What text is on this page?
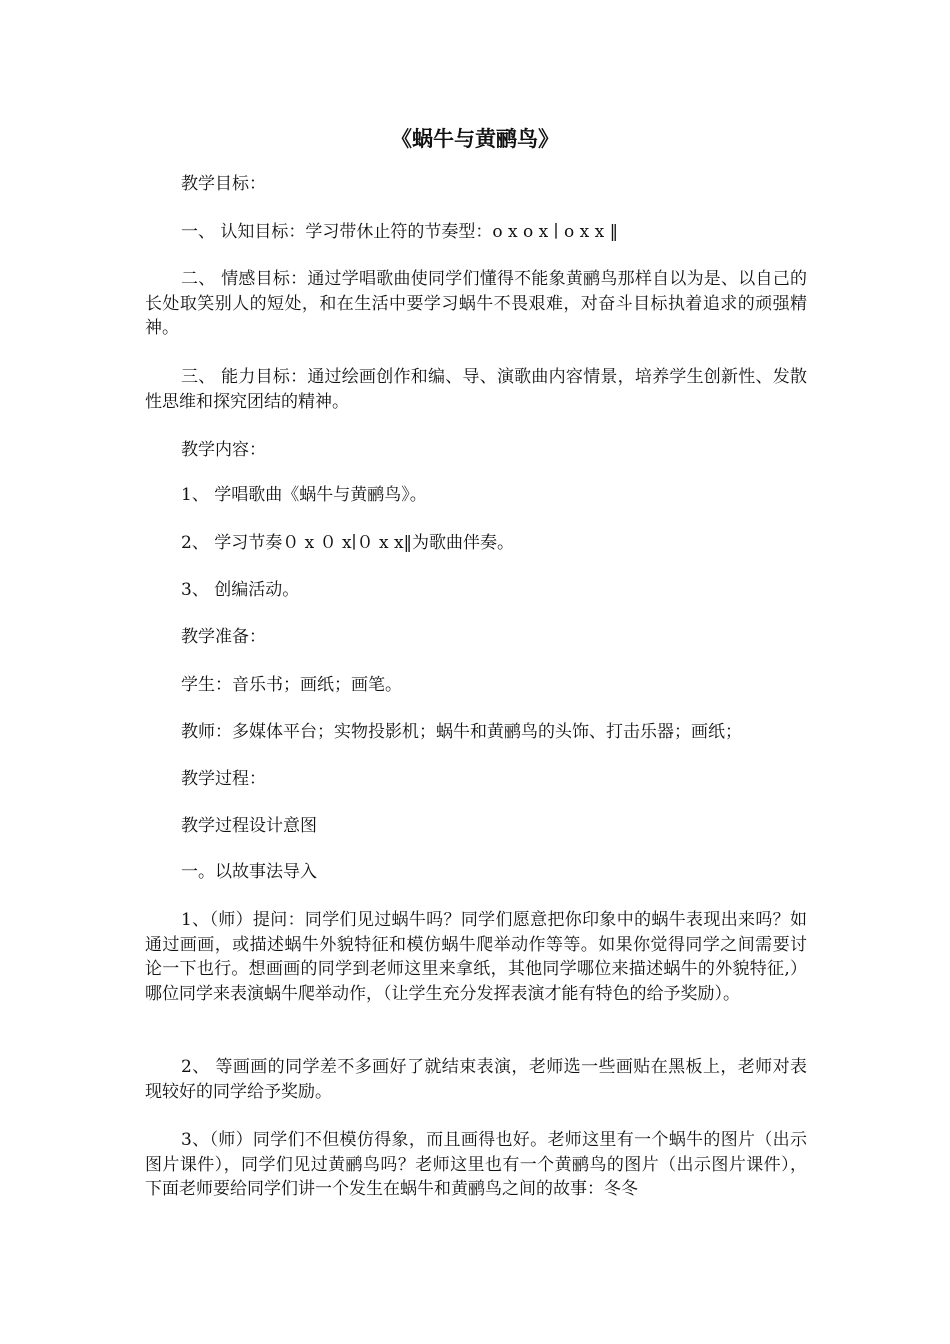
《蜗牛与黄鹂鸟》

教学目标：

一、 认知目标：学习带休止符的节奏型：o x o x ∣ o x x ‖

二、 情感目标：通过学唱歌曲使同学们懂得不能象黄鹂鸟那样自以为是、以自己的长处取笑别人的短处，和在生活中要学习蜗牛不畏艰难，对奋斗目标执着追求的顽强精神。

三、 能力目标：通过绘画创作和编、导、演歌曲内容情景，培养学生创新性、发散性思维和探究团结的精神。

教学内容：

1、 学唱歌曲《蜗牛与黄鹂鸟》。

2、 学习节奏０ x ０ x∣０ x x‖为歌曲伴奏。

3、 创编活动。

教学准备：

学生：音乐书；画纸；画笔。

教师：多媒体平台；实物投影机；蜗牛和黄鹂鸟的头饰、打击乐器；画纸；

教学过程：

教学过程设计意图

一。以故事法导入

1、（师）提问：同学们见过蜗牛吗？同学们愿意把你印象中的蜗牛表现出来吗？如通过画画，或描述蜗牛外貌特征和模仿蜗牛爬举动作等等。如果你觉得同学之间需要讨论一下也行。想画画的同学到老师这里来拿纸，其他同学哪位来描述蜗牛的外貌特征,）哪位同学来表演蜗牛爬举动作，（让学生充分发挥表演才能有特色的给予奖励）。

2、 等画画的同学差不多画好了就结束表演，老师选一些画贴在黑板上，老师对表现较好的同学给予奖励。

3、（师）同学们不但模仿得象，而且画得也好。老师这里有一个蜗牛的图片（出示图片课件），同学们见过黄鹂鸟吗？老师这里也有一个黄鹂鸟的图片（出示图片课件），下面老师要给同学们讲一个发生在蜗牛和黄鹂鸟之间的故事：冬冬
